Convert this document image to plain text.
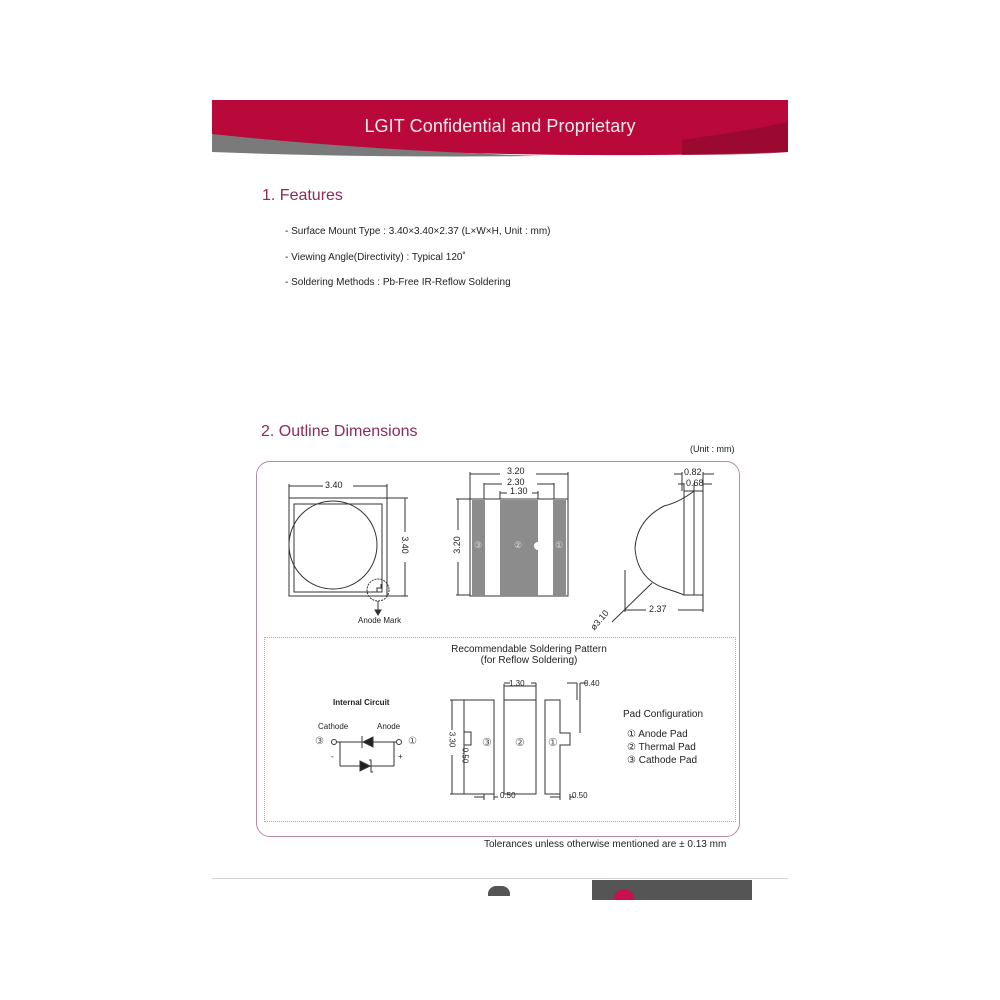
LGIT Confidential and Proprietary
1. Features
- Surface Mount Type : 3.40×3.40×2.37 (L×W×H, Unit : mm)
- Viewing Angle(Directivity) : Typical 120˚
- Soldering Methods : Pb-Free IR-Reflow Soldering
2. Outline Dimensions
(Unit : mm)
3.40
3.40
Anode Mark
3.20
2.30
1.30
3.20 ③	②	①
0.82
0.68
2.37
ø3.10
Recommendable Soldering Pattern
(for Reflow Soldering)
1.30	0.40
3.30
0.50
0.50	0.50
③ ② ①
Internal Circuit
Cathode	Anode
③	①
-	+
Pad Configuration
① Anode Pad
② Thermal Pad
③ Cathode Pad
Tolerances unless otherwise mentioned are ± 0.13 mm
